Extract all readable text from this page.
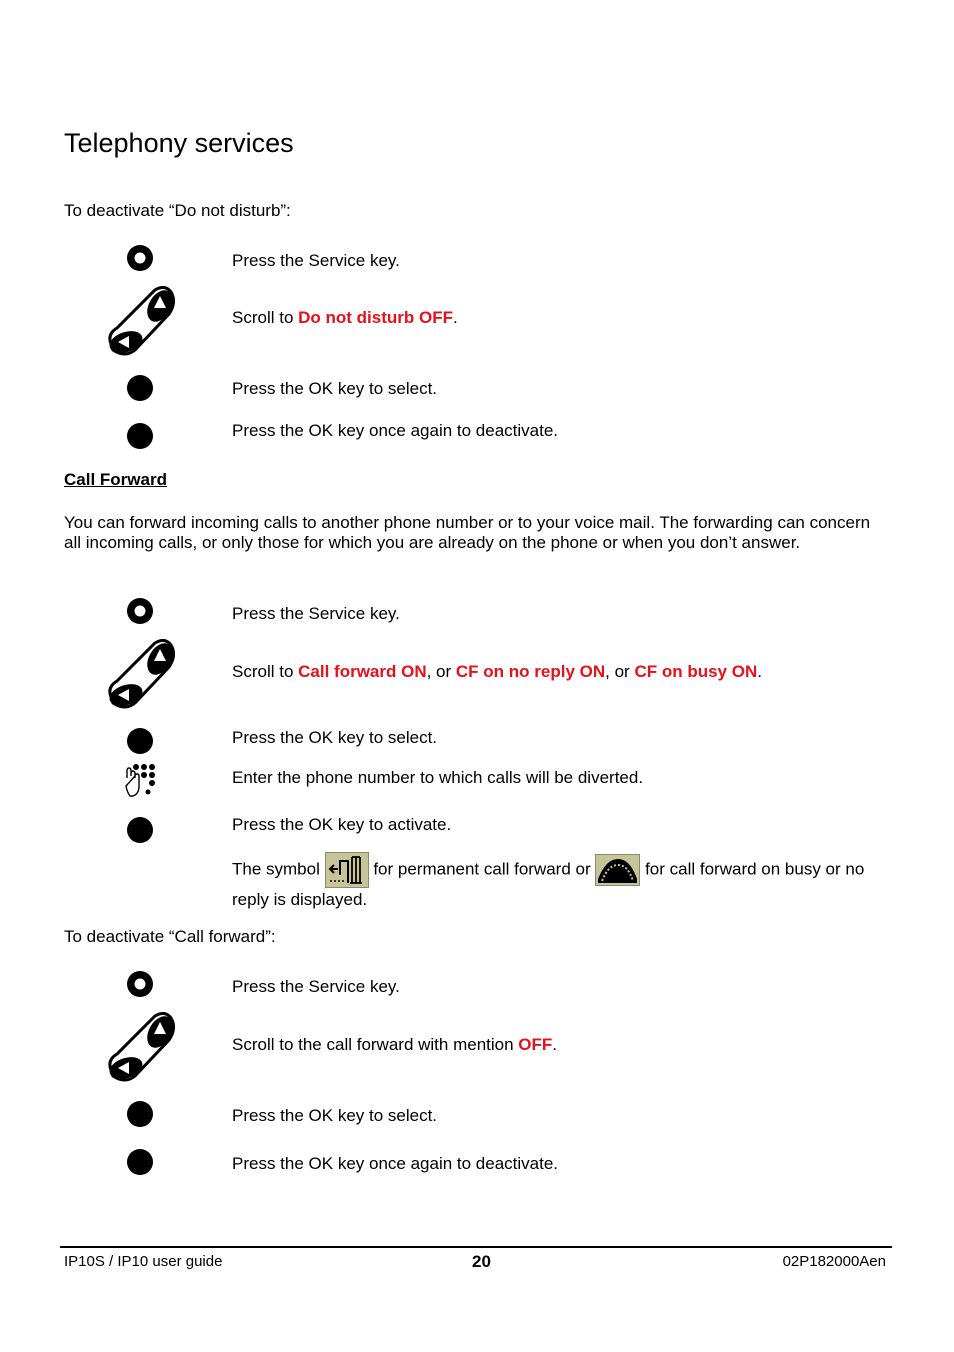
Telephony services
To deactivate “Do not disturb”:
Press the Service key.
Scroll to Do not disturb OFF.
Press the OK key to select.
Press the OK key once again to deactivate.
Call Forward
You can forward incoming calls to another phone number or to your voice mail. The forwarding can concern all incoming calls, or only those for which you are already on the phone or when you don’t answer.
Press the Service key.
Scroll to Call forward ON, or CF on no reply ON, or CF on busy ON.
Press the OK key to select.
Enter the phone number to which calls will be diverted.
Press the OK key to activate.
The symbol	for permanent call forward or	for call forward on busy or no reply is displayed.
To deactivate “Call forward”:
Press the Service key.
Scroll to the call forward with mention OFF.
Press the OK key to select.
Press the OK key once again to deactivate.
IP10S / IP10 user guide	20	02P182000Aen
